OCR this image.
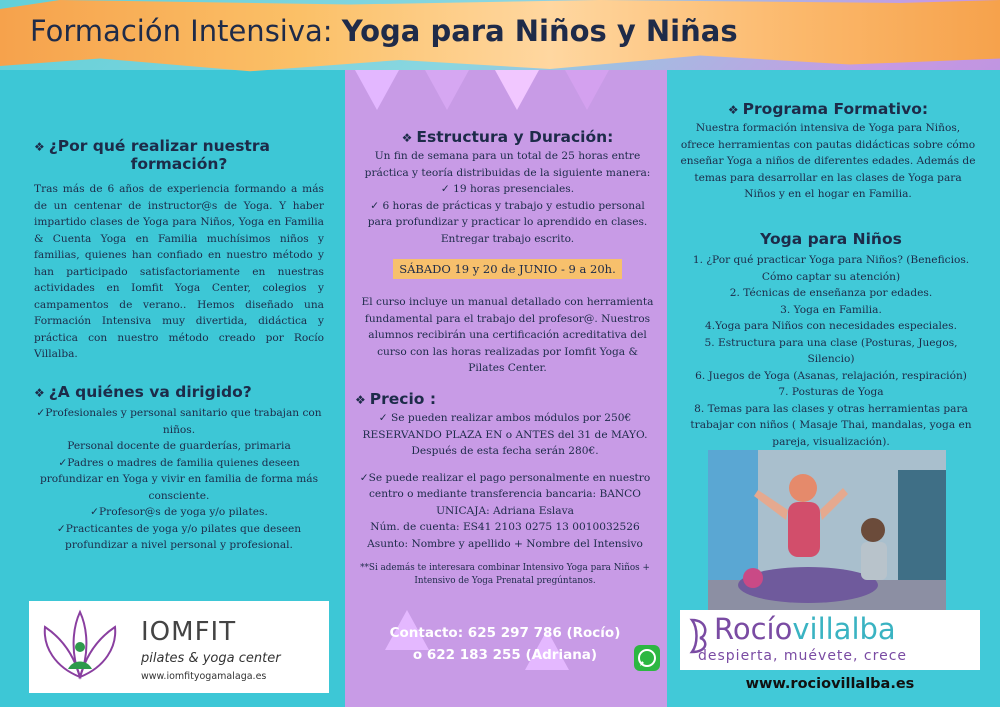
Formación Intensiva: Yoga para Niños y Niñas
❖ ¿Por qué realizar nuestra
formación?

Tras más de 6 años de experiencia formando a más de un centenar de instructor@s de Yoga. Y haber impartido clases de Yoga para Niños, Yoga en Familia & Cuenta Yoga en Familia muchísimos niños y familias, quienes han confiado en nuestro método y han participado satisfactoriamente en nuestras actividades en Iomfit Yoga Center, colegios y campamentos de verano.. Hemos diseñado una Formación Intensiva muy divertida, didáctica y práctica con nuestro método creado por Rocío Villalba.

❖ ¿A quiénes va dirigido?

✓Profesionales y personal sanitario que trabajan con niños.

Personal docente de guarderías, primaria

✓Padres o madres de familia quienes deseen profundizar en Yoga y vivir en familia de forma más consciente.

✓Profesor@s de yoga y/o pilates.

✓Practicantes de yoga y/o pilates que deseen profundizar a nivel personal y profesional.

IOMFIT
pilates & yoga center
www.iomfityogamalaga.es
❖ Estructura y Duración:

Un fin de semana para un total de 25 horas entre práctica y teoría distribuidas de la siguiente manera:

✓ 19 horas presenciales.

✓ 6 horas de prácticas y trabajo y estudio personal para profundizar y practicar lo aprendido en clases. Entregar trabajo escrito.

SÁBADO 19 y 20 de JUNIO - 9 a 20h.

El curso incluye un manual detallado con herramienta fundamental para el trabajo del profesor@. Nuestros alumnos recibirán una certificación acreditativa del curso con las horas realizadas por Iomfit Yoga & Pilates Center.

❖ Precio :

✓ Se pueden realizar ambos módulos por 250€ RESERVANDO PLAZA EN o ANTES del 31 de MAYO. Después de esta fecha serán 280€.

✓Se puede realizar el pago personalmente en nuestro centro o mediante transferencia bancaria: BANCO UNICAJA: Adriana Eslava

Núm. de cuenta: ES41 2103 0275 13 0010032526

Asunto: Nombre y apellido + Nombre del Intensivo

**Si además te interesara combinar Intensivo Yoga para Niños + Intensivo de Yoga Prenatal pregúntanos.

Contacto: 625 297 786 (Rocío)
o 622 183 255 (Adriana)
❖ Programa Formativo:

Nuestra formación intensiva de Yoga para Niños, ofrece herramientas con pautas didácticas sobre cómo enseñar Yoga a niños de diferentes edades. Además de temas para desarrollar en las clases de Yoga para Niños y en el hogar en Familia.

Yoga para Niños

1. ¿Por qué practicar Yoga para Niños? (Beneficios. Cómo captar su atención)

2. Técnicas de enseñanza por edades.

3. Yoga en Familia.

4.Yoga para Niños con necesidades especiales.

5. Estructura para una clase (Posturas, Juegos, Silencio)

6. Juegos de Yoga (Asanas, relajación, respiración)

7. Posturas de Yoga

8. Temas para las clases y otras herramientas para trabajar con niños ( Masaje Thai, mandalas, yoga en pareja, visualización).

Rocíovillalba
despierta, muévete, crece
www.rociovillalba.es
